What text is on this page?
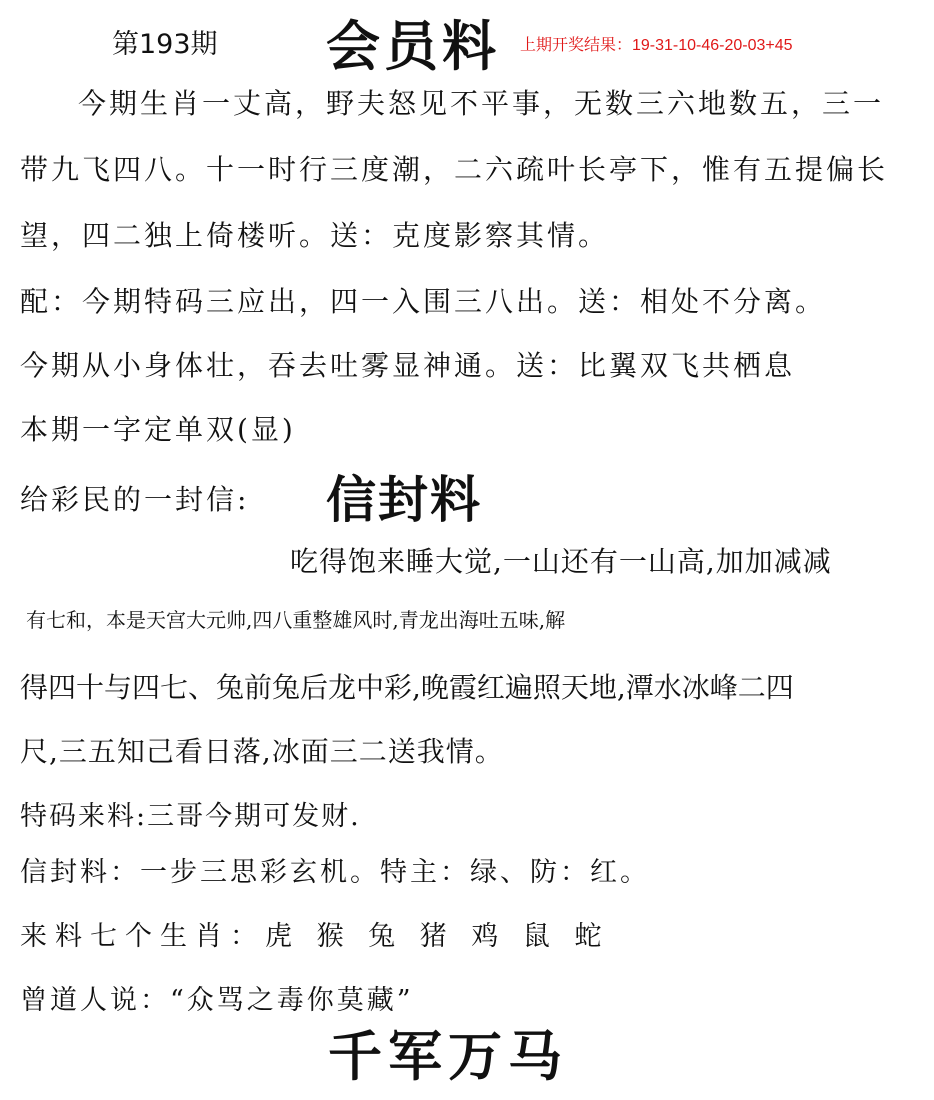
第193期 会员料 上期开奖结果：19-31-10-46-20-03+45
今期生肖一丈高，野夫怒见不平事，无数三六地数五，三一
带九飞四八。十一时行三度潮，二六疏叶长亭下，惟有五提偏长
望，四二独上倚楼听。送：克度影察其情。
配：今期特码三应出，四一入围三八出。送：相处不分离。
今期从小身体壮，吞去吐雾显神通。送：比翼双飞共栖息
本期一字定单双(显)
给彩民的一封信: 信封料
吃得饱来睡大觉,一山还有一山高,加加减减
有七和，本是天宫大元帅,四八重整雄风时,青龙出海吐五味,解
得四十与四七、兔前兔后龙中彩,晚霞红遍照天地,潭水冰峰二四
尺,三五知己看日落,冰面三二送我情。
特码来料:三哥今期可发财.
信封料：一步三思彩玄机。特主：绿、防：红。
来料七个生肖：虎 猴 兔 猪 鸡 鼠 蛇
曾道人说：“众骂之毒你莫藏”
千军万马
